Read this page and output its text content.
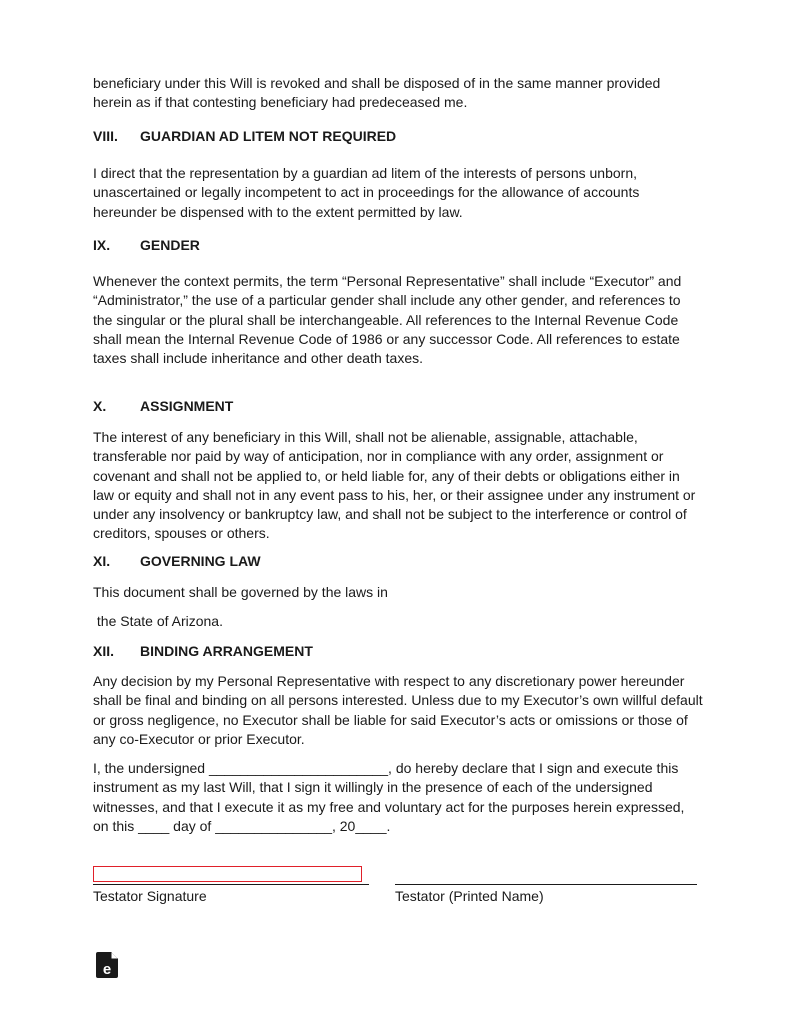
beneficiary under this Will is revoked and shall be disposed of in the same manner provided herein as if that contesting beneficiary had predeceased me.

VIII.	GUARDIAN AD LITEM NOT REQUIRED

I direct that the representation by a guardian ad litem of the interests of persons unborn, unascertained or legally incompetent to act in proceedings for the allowance of accounts hereunder be dispensed with to the extent permitted by law.

IX.	GENDER

Whenever the context permits, the term “Personal Representative” shall include “Executor” and “Administrator,” the use of a particular gender shall include any other gender, and references to the singular or the plural shall be interchangeable. All references to the Internal Revenue Code shall mean the Internal Revenue Code of 1986 or any successor Code. All references to estate taxes shall include inheritance and other death taxes.

X.	ASSIGNMENT

The interest of any beneficiary in this Will, shall not be alienable, assignable, attachable, transferable nor paid by way of anticipation, nor in compliance with any order, assignment or covenant and shall not be applied to, or held liable for, any of their debts or obligations either in law or equity and shall not in any event pass to his, her, or their assignee under any instrument or under any insolvency or bankruptcy law, and shall not be subject to the interference or control of creditors, spouses or others.

XI.	GOVERNING LAW

This document shall be governed by the laws in

the State of Arizona.

XII.	BINDING ARRANGEMENT

Any decision by my Personal Representative with respect to any discretionary power hereunder shall be final and binding on all persons interested. Unless due to my Executor’s own willful default or gross negligence, no Executor shall be liable for said Executor’s acts or omissions or those of any co-Executor or prior Executor.

I, the undersigned _______________________, do hereby declare that I sign and execute this instrument as my last Will, that I sign it willingly in the presence of each of the undersigned witnesses, and that I execute it as my free and voluntary act for the purposes herein expressed, on this ____ day of _______________, 20____.

Testator Signature	Testator (Printed Name)
e
